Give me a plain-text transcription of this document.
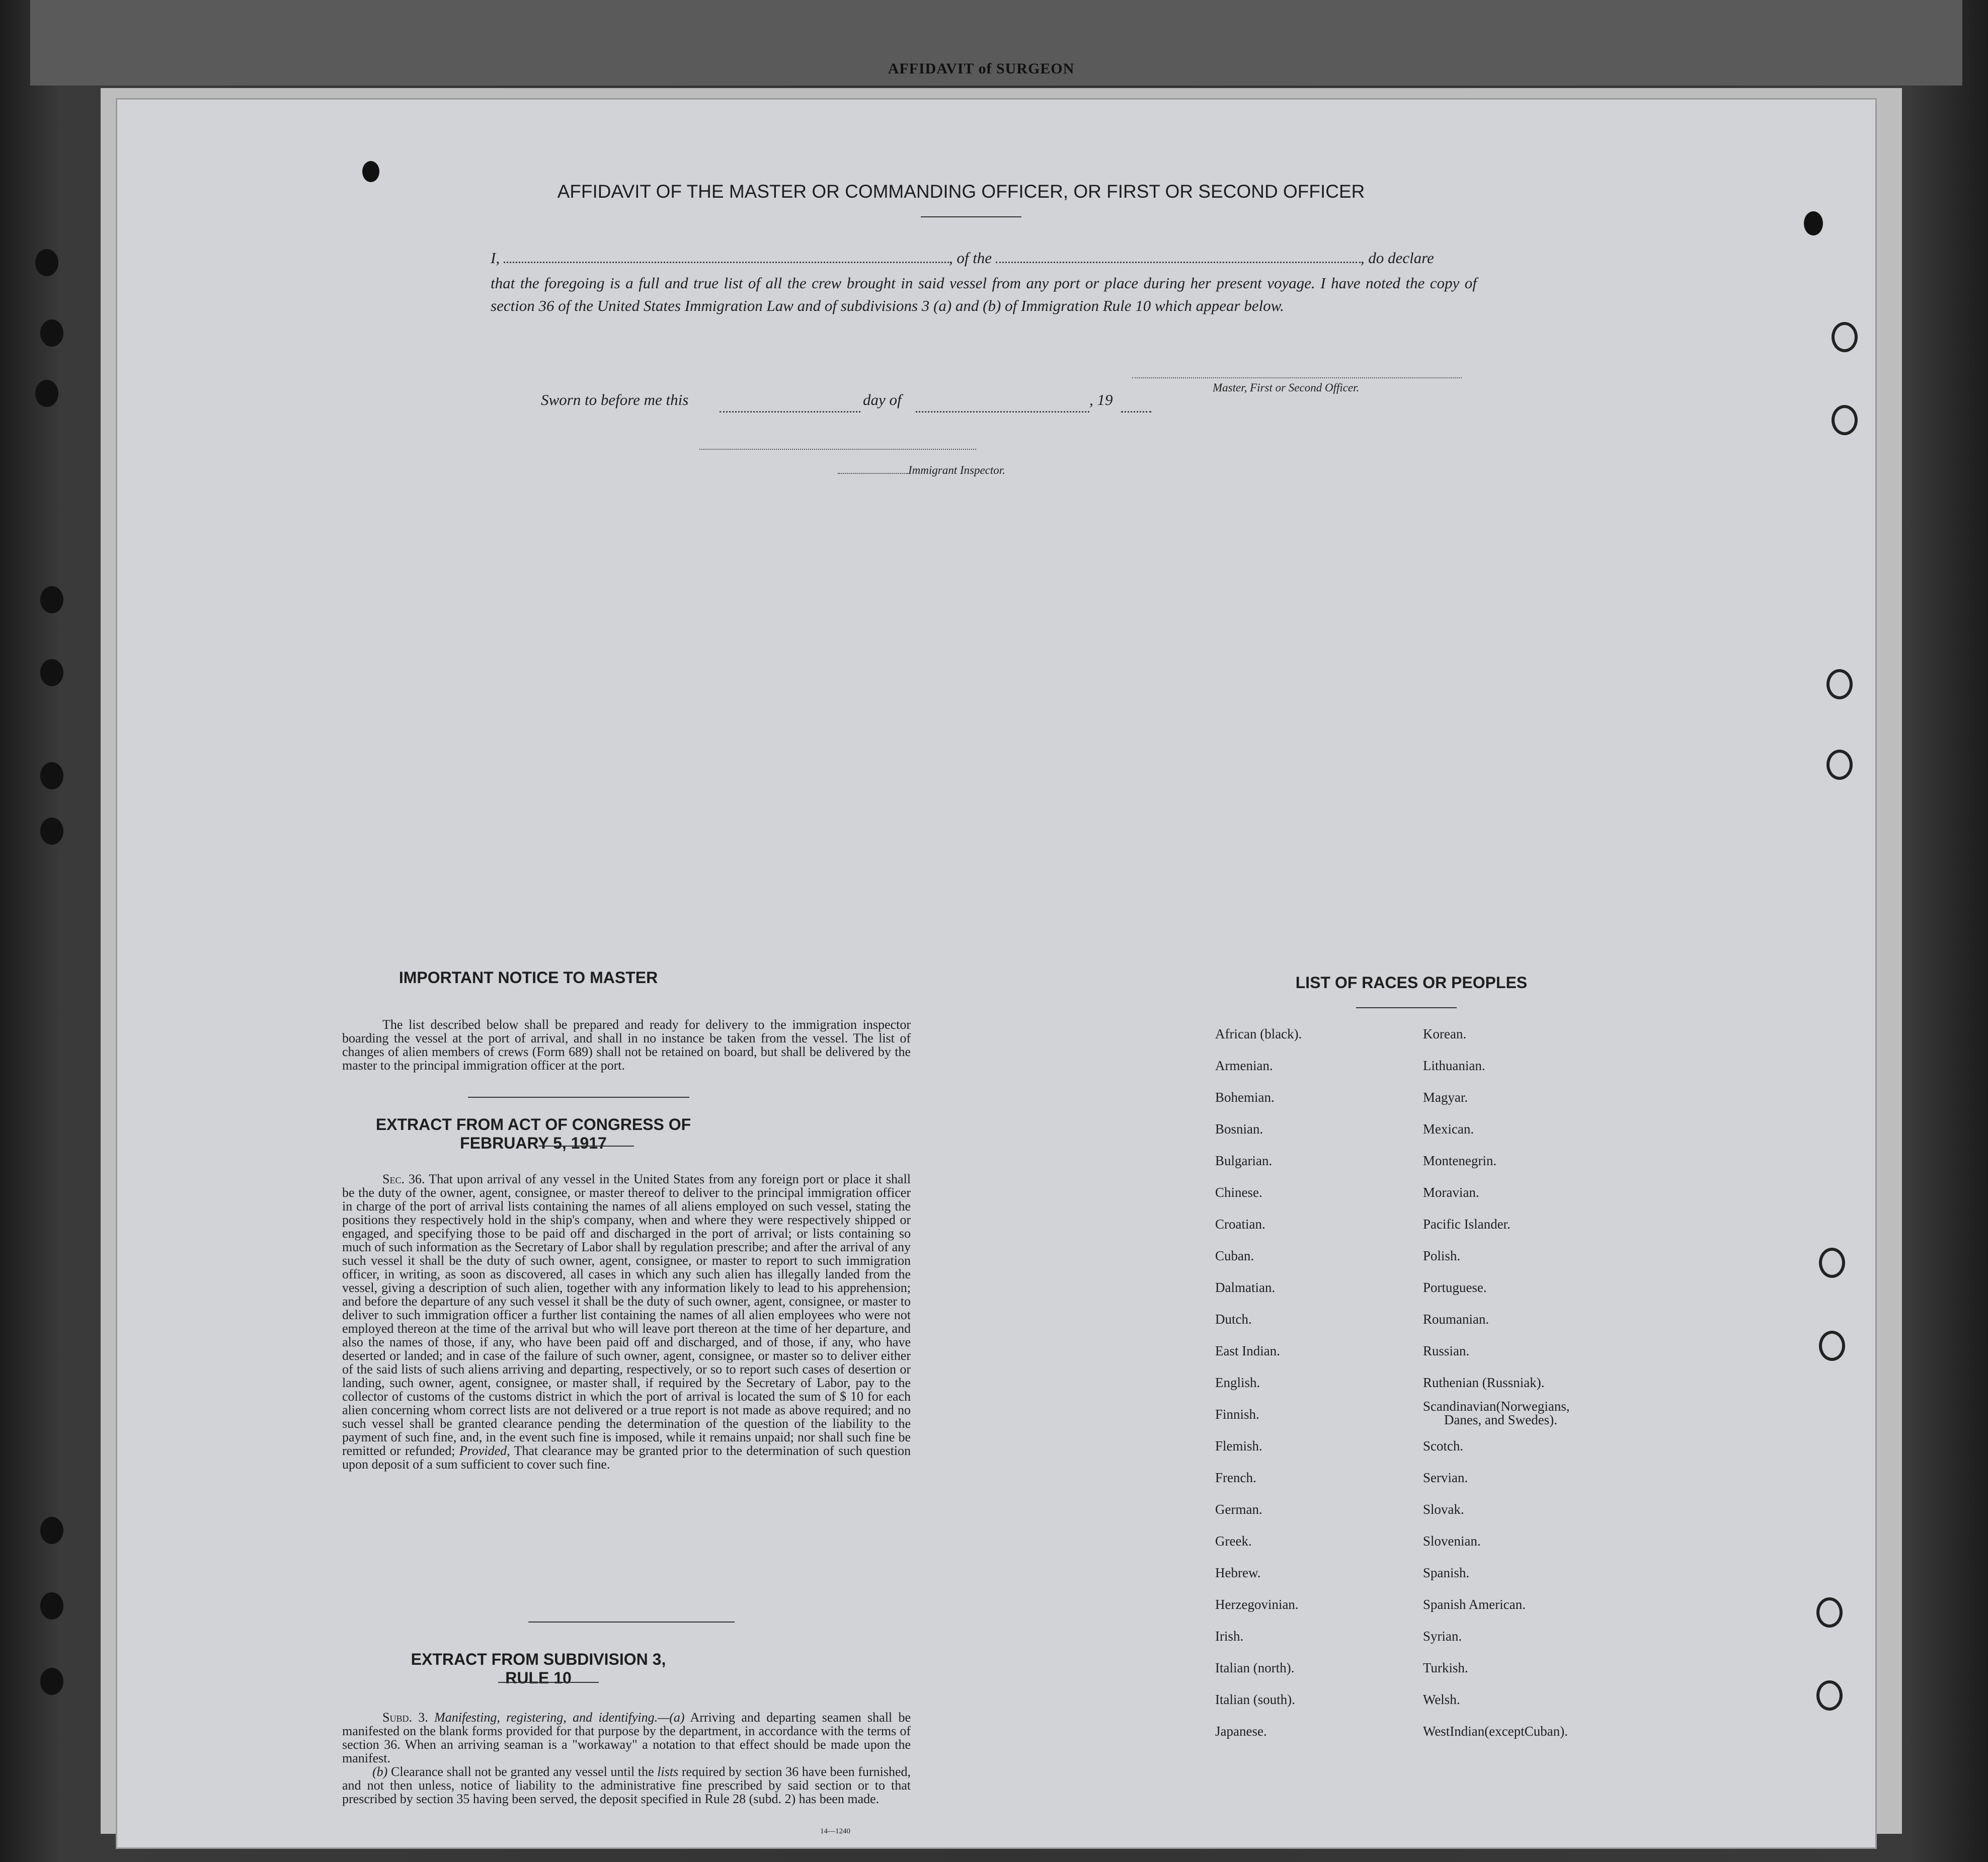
AFFIDAVIT of SURGEON
AFFIDAVIT OF THE MASTER OR COMMANDING OFFICER, OR FIRST OR SECOND OFFICER
I,	, of the	, do declare
that the foregoing is a full and true list of all the crew brought in said vessel from any port or place during her present voyage. I have noted the copy of section 36 of the United States Immigration Law and of subdivisions 3 (a) and (b) of Immigration Rule 10 which appear below.
Master, First or Second Officer.
Sworn to before me this	day of	, 19
Immigrant Inspector.
IMPORTANT NOTICE TO MASTER
The list described below shall be prepared and ready for delivery to the immigration inspector boarding the vessel at the port of arrival, and shall in no instance be taken from the vessel. The list of changes of alien members of crews (Form 689) shall not be retained on board, but shall be delivered by the master to the principal immigration officer at the port.
EXTRACT FROM ACT OF CONGRESS OF FEBRUARY 5, 1917
Sec. 36. That upon arrival of any vessel in the United States from any foreign port or place it shall be the duty of the owner, agent, consignee, or master thereof to deliver to the principal immigration officer in charge of the port of arrival lists containing the names of all aliens employed on such vessel, stating the positions they respectively hold in the ship's company, when and where they were respectively shipped or engaged, and specifying those to be paid off and discharged in the port of arrival; or lists containing so much of such information as the Secretary of Labor shall by regulation prescribe; and after the arrival of any such vessel it shall be the duty of such owner, agent, consignee, or master to report to such immigration officer, in writing, as soon as discovered, all cases in which any such alien has illegally landed from the vessel, giving a description of such alien, together with any information likely to lead to his apprehension; and before the departure of any such vessel it shall be the duty of such owner, agent, consignee, or master to deliver to such immigration officer a further list containing the names of all alien employees who were not employed thereon at the time of the arrival but who will leave port thereon at the time of her departure, and also the names of those, if any, who have been paid off and discharged, and of those, if any, who have deserted or landed; and in case of the failure of such owner, agent, consignee, or master so to deliver either of the said lists of such aliens arriving and departing, respectively, or so to report such cases of desertion or landing, such owner, agent, consignee, or master shall, if required by the Secretary of Labor, pay to the collector of customs of the customs district in which the port of arrival is located the sum of $ 10 for each alien concerning whom correct lists are not delivered or a true report is not made as above required; and no such vessel shall be granted clearance pending the determination of the question of the liability to the payment of such fine, and, in the event such fine is imposed, while it remains unpaid; nor shall such fine be remitted or refunded; Provided, That clearance may be granted prior to the determination of such question upon deposit of a sum sufficient to cover such fine.
EXTRACT FROM SUBDIVISION 3, RULE 10
Subd. 3. Manifesting, registering, and identifying.—(a) Arriving and departing seamen shall be manifested on the blank forms provided for that purpose by the department, in accordance with the terms of section 36. When an arriving seaman is a "workaway" a notation to that effect should be made upon the manifest.
(b) Clearance shall not be granted any vessel until the lists required by section 36 have been furnished, and not then unless, notice of liability to the administrative fine prescribed by said section or to that prescribed by section 35 having been served, the deposit specified in Rule 28 (subd. 2) has been made.
14—1240
LIST OF RACES OR PEOPLES
African (black).
Armenian.
Bohemian.
Bosnian.
Bulgarian.
Chinese.
Croatian.
Cuban.
Dalmatian.
Dutch.
East Indian.
English.
Finnish.
Flemish.
French.
German.
Greek.
Hebrew.
Herzegovinian.
Irish.
Italian (north).
Italian (south).
Japanese.
Korean.
Lithuanian.
Magyar.
Mexican.
Montenegrin.
Moravian.
Pacific Islander.
Polish.
Portuguese.
Roumanian.
Russian.
Ruthenian (Russniak).
Scandinavian(Norwegians,
Danes, and Swedes).
Scotch.
Servian.
Slovak.
Slovenian.
Spanish.
Spanish American.
Syrian.
Turkish.
Welsh.
WestIndian(exceptCuban).
